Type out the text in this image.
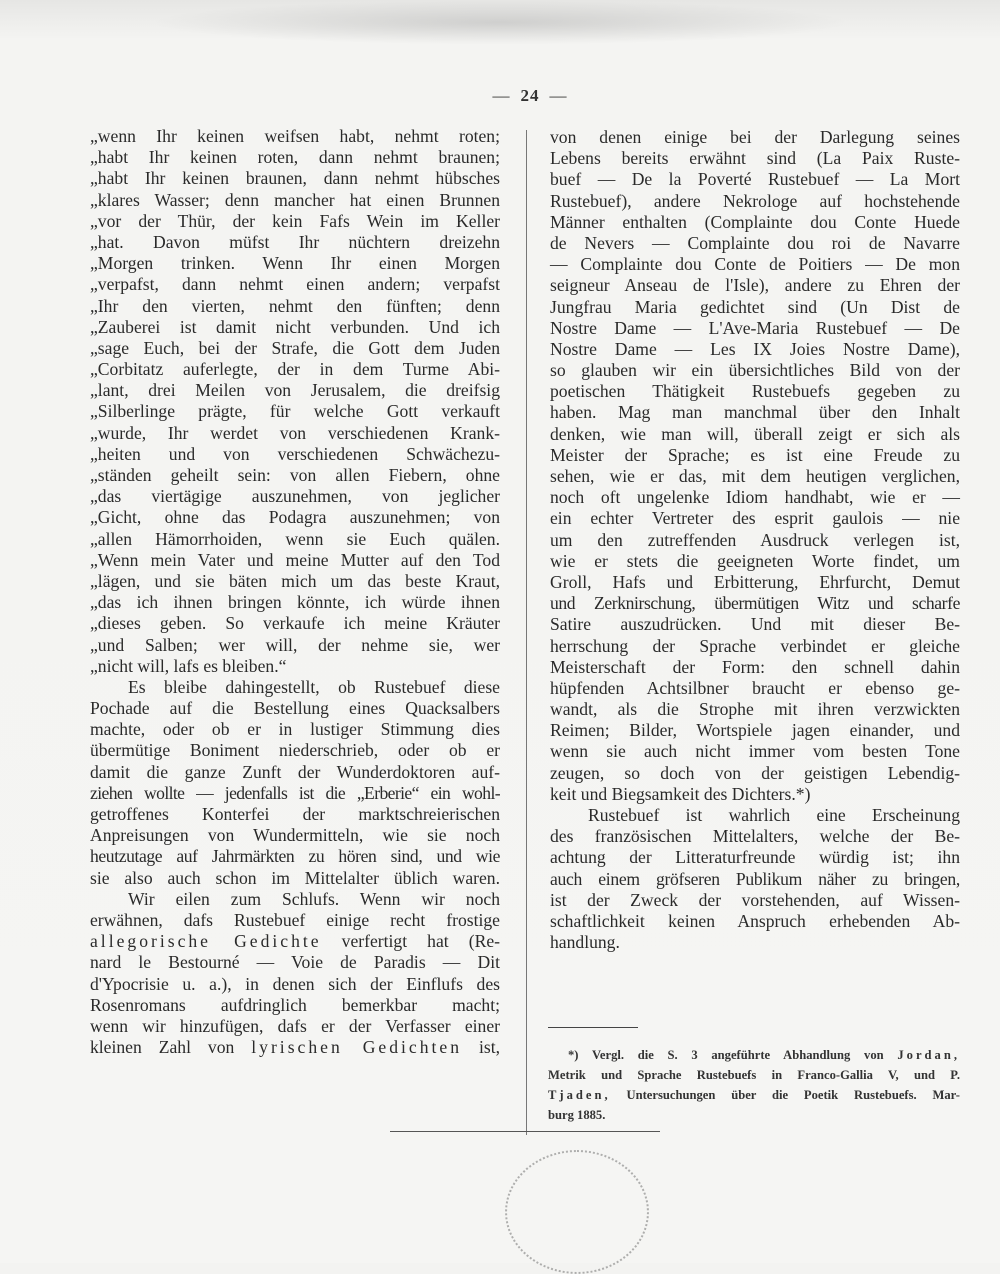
— 24 —
„wenn Ihr keinen weifsen habt, nehmt roten;
„habt Ihr keinen roten, dann nehmt braunen;
„habt Ihr keinen braunen, dann nehmt hübsches
„klares Wasser; denn mancher hat einen Brunnen
„vor der Thür, der kein Fafs Wein im Keller
„hat. Davon müfst Ihr nüchtern dreizehn
„Morgen trinken. Wenn Ihr einen Morgen
„verpafst, dann nehmt einen andern; verpafst
„Ihr den vierten, nehmt den fünften; denn
„Zauberei ist damit nicht verbunden. Und ich
„sage Euch, bei der Strafe, die Gott dem Juden
„Corbitatz auferlegte, der in dem Turme Abi-
„lant, drei Meilen von Jerusalem, die dreifsig
„Silberlinge prägte, für welche Gott verkauft
„wurde, Ihr werdet von verschiedenen Krank-
„heiten und von verschiedenen Schwächezu-
„ständen geheilt sein: von allen Fiebern, ohne
„das viertägige auszunehmen, von jeglicher
„Gicht, ohne das Podagra auszunehmen; von
„allen Hämorrhoiden, wenn sie Euch quälen.
„Wenn mein Vater und meine Mutter auf den Tod
„lägen, und sie bäten mich um das beste Kraut,
„das ich ihnen bringen könnte, ich würde ihnen
„dieses geben. So verkaufe ich meine Kräuter
„und Salben; wer will, der nehme sie, wer
„nicht will, lafs es bleiben.“
Es bleibe dahingestellt, ob Rustebuef diese
Pochade auf die Bestellung eines Quacksalbers
machte, oder ob er in lustiger Stimmung dies
übermütige Boniment niederschrieb, oder ob er
damit die ganze Zunft der Wunderdoktoren auf-
ziehen wollte — jedenfalls ist die „Erberie“ ein wohl-
getroffenes Konterfei der marktschreierischen
Anpreisungen von Wundermitteln, wie sie noch
heutzutage auf Jahrmärkten zu hören sind, und wie
sie also auch schon im Mittelalter üblich waren.
Wir eilen zum Schlufs. Wenn wir noch
erwähnen, dafs Rustebuef einige recht frostige
allegorische Gedichte verfertigt hat (Re-
nard le Bestourné — Voie de Paradis — Dit
d'Ypocrisie u. a.), in denen sich der Einflufs des
Rosenromans aufdringlich bemerkbar macht;
wenn wir hinzufügen, dafs er der Verfasser einer
kleinen Zahl von lyrischen Gedichten ist,
von denen einige bei der Darlegung seines
Lebens bereits erwähnt sind (La Paix Ruste-
buef — De la Poverté Rustebuef — La Mort
Rustebuef), andere Nekrologe auf hochstehende
Männer enthalten (Complainte dou Conte Huede
de Nevers — Complainte dou roi de Navarre
— Complainte dou Conte de Poitiers — De mon
seigneur Anseau de l'Isle), andere zu Ehren der
Jungfrau Maria gedichtet sind (Un Dist de
Nostre Dame — L'Ave-Maria Rustebuef — De
Nostre Dame — Les IX Joies Nostre Dame),
so glauben wir ein übersichtliches Bild von der
poetischen Thätigkeit Rustebuefs gegeben zu
haben. Mag man manchmal über den Inhalt
denken, wie man will, überall zeigt er sich als
Meister der Sprache; es ist eine Freude zu
sehen, wie er das, mit dem heutigen verglichen,
noch oft ungelenke Idiom handhabt, wie er —
ein echter Vertreter des esprit gaulois — nie
um den zutreffenden Ausdruck verlegen ist,
wie er stets die geeigneten Worte findet, um
Groll, Hafs und Erbitterung, Ehrfurcht, Demut
und Zerknirschung, übermütigen Witz und scharfe
Satire auszudrücken. Und mit dieser Be-
herrschung der Sprache verbindet er gleiche
Meisterschaft der Form: den schnell dahin
hüpfenden Achtsilbner braucht er ebenso ge-
wandt, als die Strophe mit ihren verzwickten
Reimen; Bilder, Wortspiele jagen einander, und
wenn sie auch nicht immer vom besten Tone
zeugen, so doch von der geistigen Lebendig-
keit und Biegsamkeit des Dichters.*)
Rustebuef ist wahrlich eine Erscheinung
des französischen Mittelalters, welche der Be-
achtung der Litteraturfreunde würdig ist; ihn
auch einem gröfseren Publikum näher zu bringen,
ist der Zweck der vorstehenden, auf Wissen-
schaftlichkeit keinen Anspruch erhebenden Ab-
handlung.
*) Vergl. die S. 3 angeführte Abhandlung von Jordan,
Metrik und Sprache Rustebuefs in Franco-Gallia V, und P.
Tjaden, Untersuchungen über die Poetik Rustebuefs. Mar-
burg 1885.
